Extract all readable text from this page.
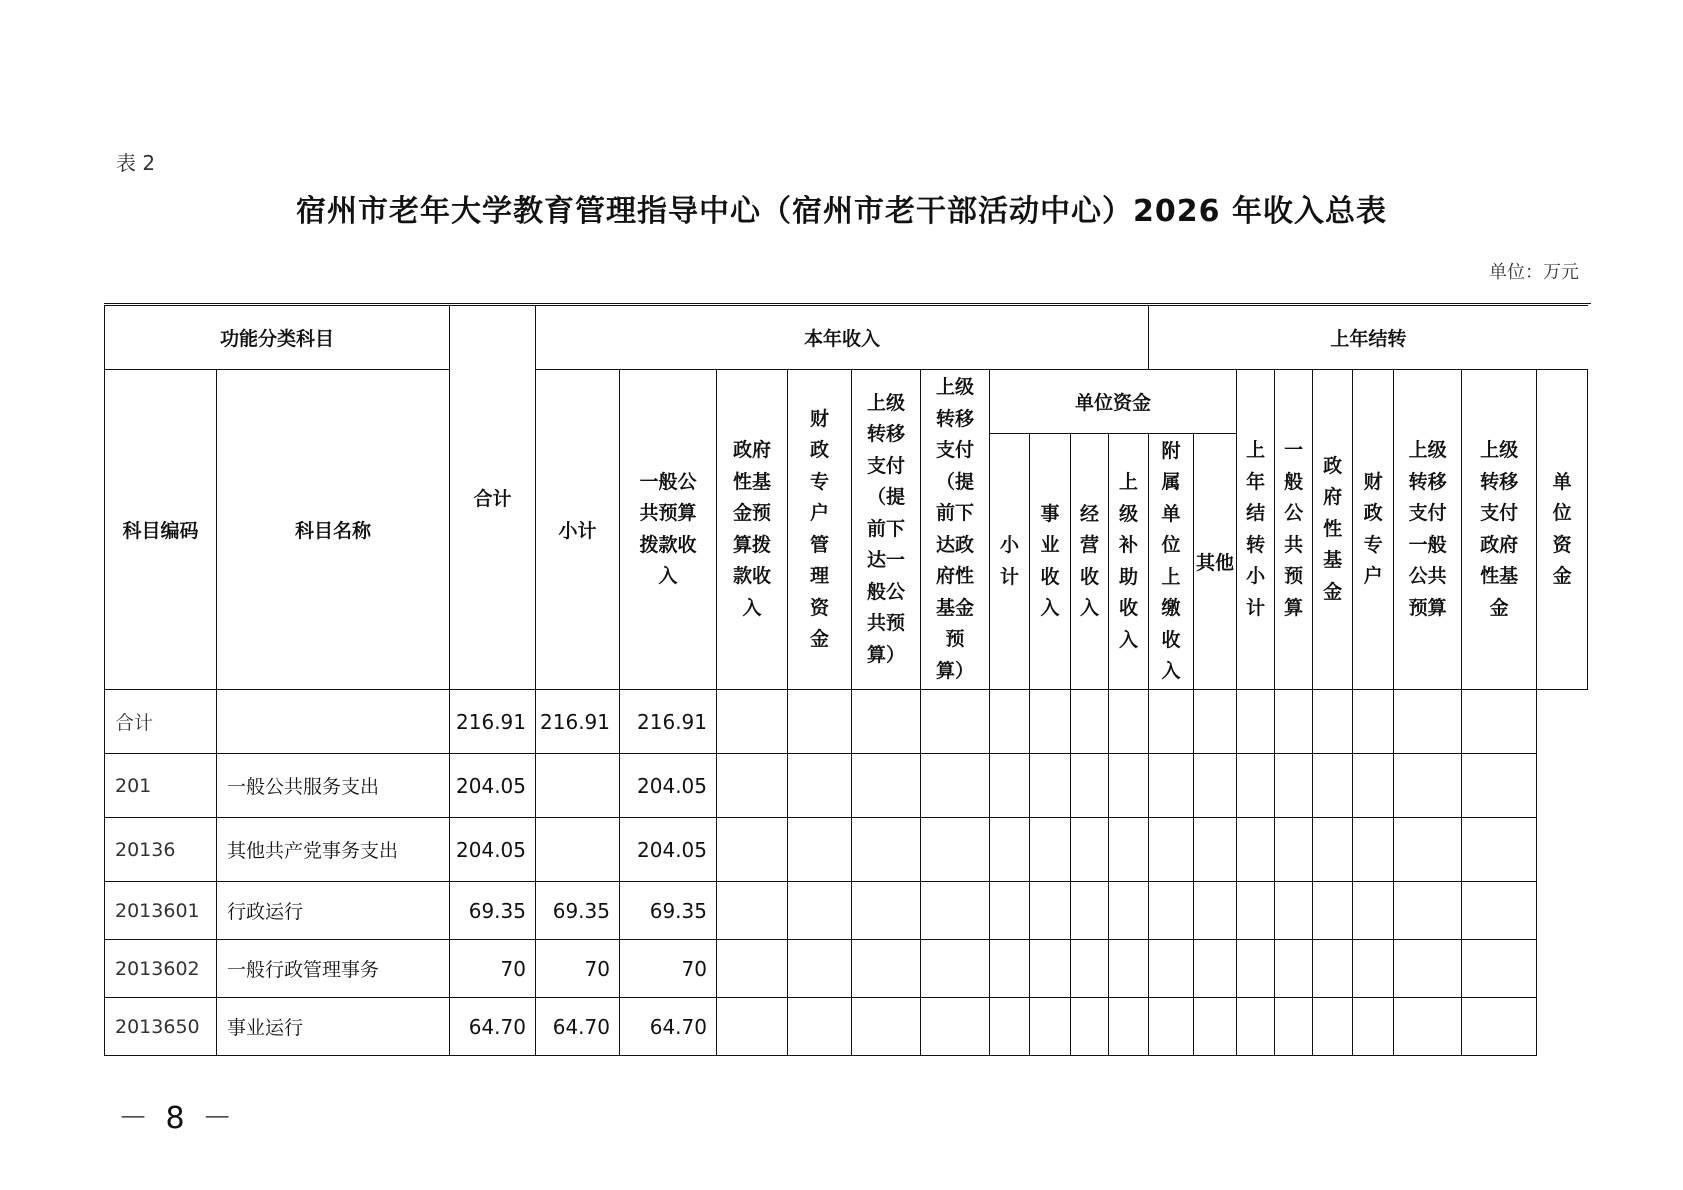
表 2
宿州市老年大学教育管理指导中心（宿州市老干部活动中心）2026 年收入总表
单位：万元
功能分类科目		合计	本年收入										上年结转								
科目编码	科目名称		小计	一般公共预算拨款收入	政府性基金预算拨款收入	财政专户管理资金	上级转移支付（提前下达一般公共预算）	上级转移支付（提前下达政府性基金预算）	单位资金						上年结转小计	一般公共预算	政府性基金	财政专户	上级转移支付一般公共预算	上级转移支付政府性基金	单位资金
									小计	事业收入	经营收入	上级补助收入	附属单位上缴收入	其他							
合计		216.91	216.91	216.91																	
201	一般公共服务支出	204.05		204.05																	
20136	其他共产党事务支出	204.05		204.05																	
2013601	行政运行	69.35	69.35	69.35																	
2013602	一般行政管理事务	70	70	70																	
2013650	事业运行	64.70	64.70	64.70																	
－ 8 －
